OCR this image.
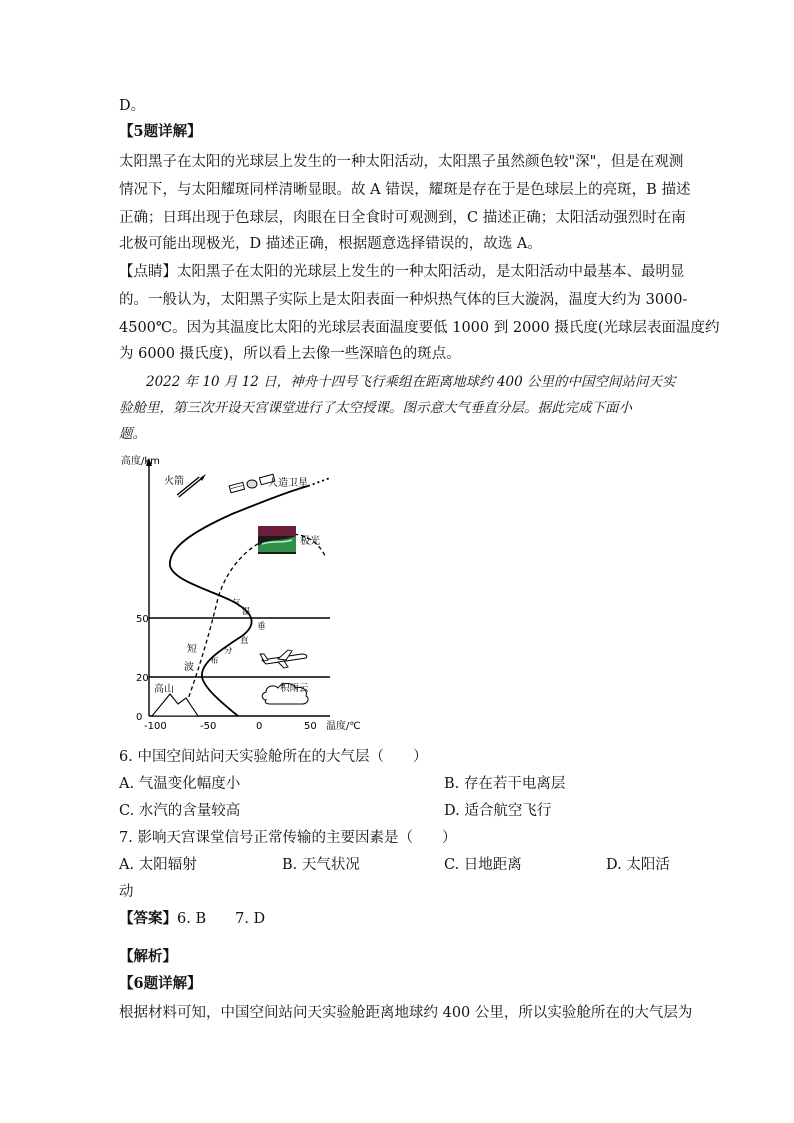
D。
【5题详解】
太阳黑子在太阳的光球层上发生的一种太阳活动，太阳黑子虽然颜色较"深"，但是在观测
情况下，与太阳耀斑同样清晰显眼。故 A 错误，耀斑是存在于是色球层上的亮斑，B 描述
正确；日珥出现于色球层，肉眼在日全食时可观测到，C 描述正确；太阳活动强烈时在南
北极可能出现极光，D 描述正确，根据题意选择错误的，故选 A。
【点睛】太阳黑子在太阳的光球层上发生的一种太阳活动，是太阳活动中最基本、最明显
的。一般认为，太阳黑子实际上是太阳表面一种炽热气体的巨大漩涡，温度大约为 3000-
4500℃。因为其温度比太阳的光球层表面温度要低 1000 到 2000 摄氏度(光球层表面温度约
为 6000 摄氏度)，所以看上去像一些深暗色的斑点。
　　2022 年 10 月 12 日，神舟十四号飞行乘组在距离地球约 400 公里的中国空间站问天实
验舱里，第三次开设天宫课堂进行了太空授课。图示意大气垂直分层。据此完成下面小
题。
高度/km
温度/℃
50
20
0
-100	-50	0	50
火箭	人造卫星
极光
气
温
垂
直
分
布
短
波
高山	积雨云
6. 中国空间站问天实验舱所在的大气层（　　）
A. 气温变化幅度小	B. 存在若干电离层
C. 水汽的含量较高	D. 适合航空飞行
7. 影响天宫课堂信号正常传输的主要因素是（　　）
A. 太阳辐射	B. 天气状况	C. 日地距离	D. 太阳活
动
【答案】6. B　　7. D
【解析】
【6题详解】
根据材料可知，中国空间站问天实验舱距离地球约 400 公里，所以实验舱所在的大气层为
